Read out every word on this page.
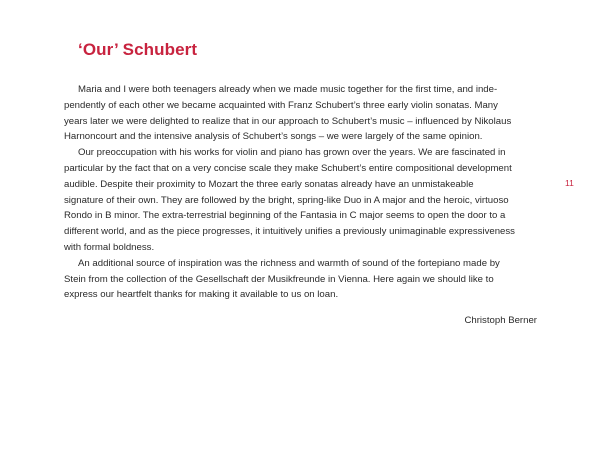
‘Our’ Schubert
Maria and I were both teenagers already when we made music together for the first time, and inde-
pendently of each other we became acquainted with Franz Schubert’s three early violin sonatas. Many
years later we were delighted to realize that in our approach to Schubert’s music – influenced by Nikolaus
Harnoncourt and the intensive analysis of Schubert’s songs – we were largely of the same opinion.
Our preoccupation with his works for violin and piano has grown over the years. We are fascinated in
particular by the fact that on a very concise scale they make Schubert’s entire compositional development
audible. Despite their proximity to Mozart the three early sonatas already have an unmistakeable
signature of their own. They are followed by the bright, spring-like Duo in A major and the heroic, virtuoso
Rondo in B minor. The extra-terrestrial beginning of the Fantasia in C major seems to open the door to a
different world, and as the piece progresses, it intuitively unifies a previously unimaginable expressiveness
with formal boldness.
An additional source of inspiration was the richness and warmth of sound of the fortepiano made by
Stein from the collection of the Gesellschaft der Musikfreunde in Vienna. Here again we should like to
express our heartfelt thanks for making it available to us on loan.
Christoph Berner
11
